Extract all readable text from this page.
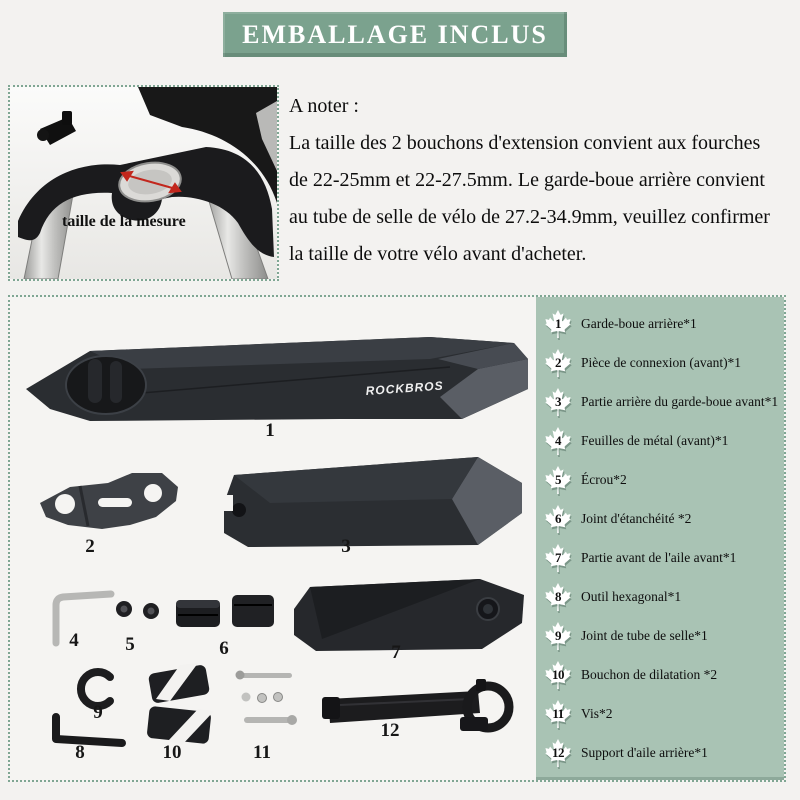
EMBALLAGE INCLUS
taille de la mesure
A noter :
La taille des 2 bouchons d'extension convient aux fourches
de 22-25mm et 22-27.5mm. Le garde-boue arrière convient
au tube de selle de vélo de 27.2-34.9mm, veuillez confirmer
la taille de votre vélo avant d'acheter.
ROCKBROS
1
2	3
4 5	6	7
8
9
10	11
12
1	Garde-boue arrière*1
2	Pièce de connexion (avant)*1
3	Partie arrière du garde-boue avant*1
4	Feuilles de métal (avant)*1
5	Écrou*2
6	Joint d'étanchéité *2
7	Partie avant de l'aile avant*1
8	Outil hexagonal*1
9	Joint de tube de selle*1
10	Bouchon de dilatation *2
11	Vis*2
12	Support d'aile arrière*1
